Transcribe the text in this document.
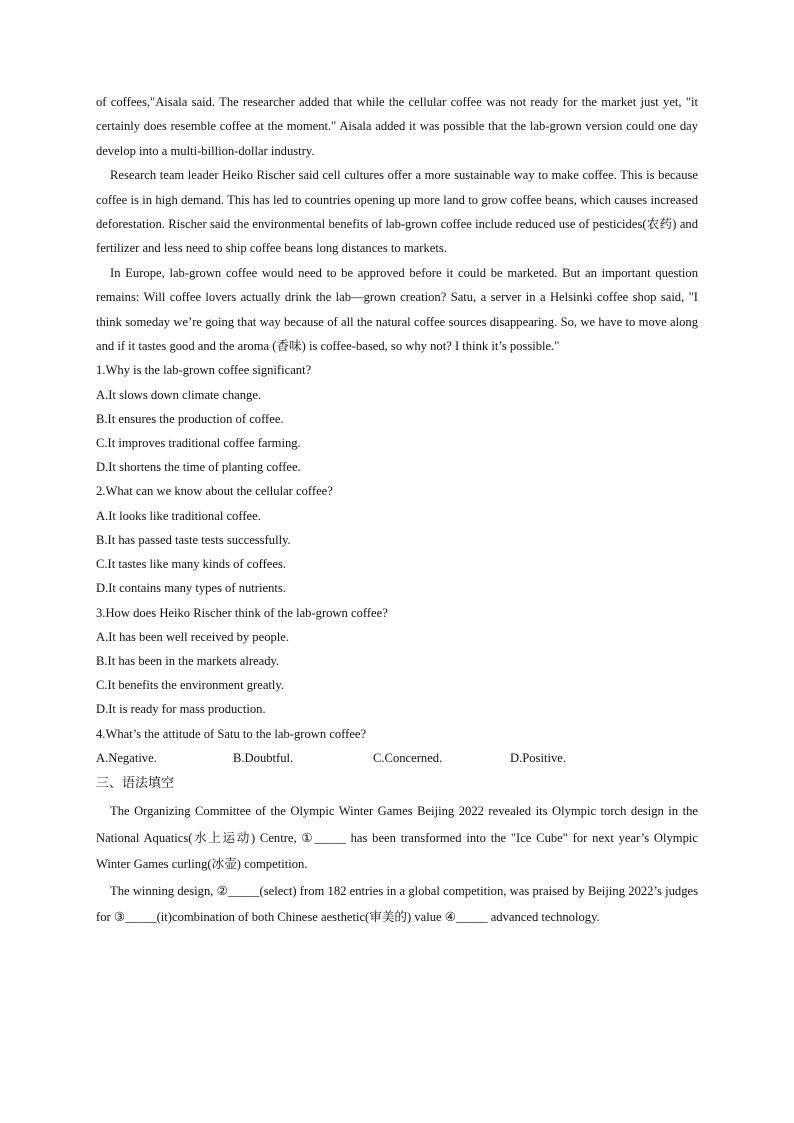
of coffees,"Aisala said. The researcher added that while the cellular coffee was not ready for the market just yet, "it certainly does resemble coffee at the moment." Aisala added it was possible that the lab-grown version could one day develop into a multi-billion-dollar industry.

Research team leader Heiko Rischer said cell cultures offer a more sustainable way to make coffee. This is because coffee is in high demand. This has led to countries opening up more land to grow coffee beans, which causes increased deforestation. Rischer said the environmental benefits of lab-grown coffee include reduced use of pesticides(农药) and fertilizer and less need to ship coffee beans long distances to markets.

In Europe, lab-grown coffee would need to be approved before it could be marketed. But an important question remains: Will coffee lovers actually drink the lab—grown creation? Satu, a server in a Helsinki coffee shop said, "I think someday we’re going that way because of all the natural coffee sources disappearing. So, we have to move along and if it tastes good and the aroma (香味) is coffee-based, so why not? I think it’s possible."

1.Why is the lab-grown coffee significant?

A.It slows down climate change.

B.It ensures the production of coffee.

C.It improves traditional coffee farming.

D.It shortens the time of planting coffee.

2.What can we know about the cellular coffee?

A.It looks like traditional coffee.

B.It has passed taste tests successfully.

C.It tastes like many kinds of coffees.

D.It contains many types of nutrients.

3.How does Heiko Rischer think of the lab-grown coffee?

A.It has been well received by people.

B.It has been in the markets already.

C.It benefits the environment greatly.

D.It is ready for mass production.

4.What’s the attitude of Satu to the lab-grown coffee?

A.Negative.	B.Doubtful.	C.Concerned.	D.Positive.

三、语法填空

The Organizing Committee of the Olympic Winter Games Beijing 2022 revealed its Olympic torch design in the National Aquatics(水上运动) Centre, ①_____ has been transformed into the "Ice Cube" for next year’s Olympic Winter Games curling(冰壶) competition.

The winning design, ②_____(select) from 182 entries in a global competition, was praised by Beijing 2022’s judges for ③_____(it)combination of both Chinese aesthetic(审美的) value ④_____ advanced technology.
